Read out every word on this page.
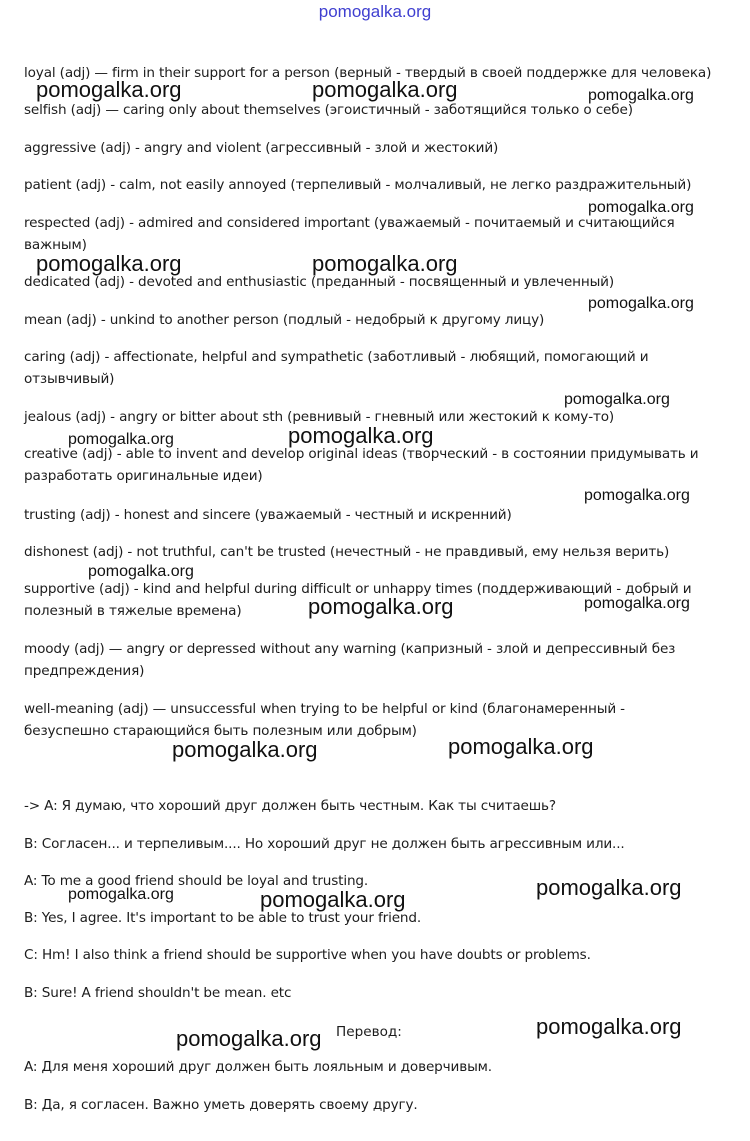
pomogalka.org
loyal (adj) — firm in their support for a person (верный - твердый в своей поддержке для человека)
selfish (adj) — caring only about themselves (эгоистичный - заботящийся только о себе)
aggressive (adj) - angry and violent (агрессивный - злой и жестокий)
patient (adj) - calm, not easily annoyed (терпеливый - молчаливый, не легко раздражительный)
respected (adj) - admired and considered important (уважаемый - почитаемый и считающийся важным)
dedicated (adj) - devoted and enthusiastic (преданный - посвященный и увлеченный)
mean (adj) - unkind to another person (подлый - недобрый к другому лицу)
caring (adj) - affectionate, helpful and sympathetic (заботливый - любящий, помогающий и отзывчивый)
jealous (adj) - angry or bitter about sth (ревнивый - гневный или жестокий к кому-то)
creative (adj) - able to invent and develop original ideas (творческий - в состоянии придумывать и разработать оригинальные идеи)
trusting (adj) - honest and sincere (уважаемый - честный и искренний)
dishonest (adj) - not truthful, can't be trusted (нечестный - не правдивый, ему нельзя верить)
supportive (adj) - kind and helpful during difficult or unhappy times (поддерживающий - добрый и полезный в тяжелые времена)
moody (adj) — angry or depressed without any warning (капризный - злой и депрессивный без предпреждения)
well-meaning (adj) — unsuccessful when trying to be helpful or kind (благонамеренный - безуспешно старающийся быть полезным или добрым)
-> A: Я думаю, что хороший друг должен быть честным. Как ты считаешь?
B: Согласен... и терпеливым.... Но хороший друг не должен быть агрессивным или...
A: To me a good friend should be loyal and trusting.
B: Yes, I agree. It's important to be able to trust your friend.
C: Hm! I also think a friend should be supportive when you have doubts or problems.
B: Sure! A friend shouldn't be mean. etc
Перевод:
A: Для меня хороший друг должен быть лояльным и доверчивым.
B: Да, я согласен. Важно уметь доверять своему другу.
pomogalka.org	pomogalka.org	pomogalka.org
pomogalka.org
pomogalka.org	pomogalka.org
pomogalka.org
pomogalka.org
pomogalka.org
pomogalka.org
pomogalka.org
pomogalka.org
pomogalka.org	pomogalka.org
pomogalka.org	pomogalka.org
pomogalka.org
pomogalka.org	pomogalka.org
pomogalka.org
pomogalka.org
